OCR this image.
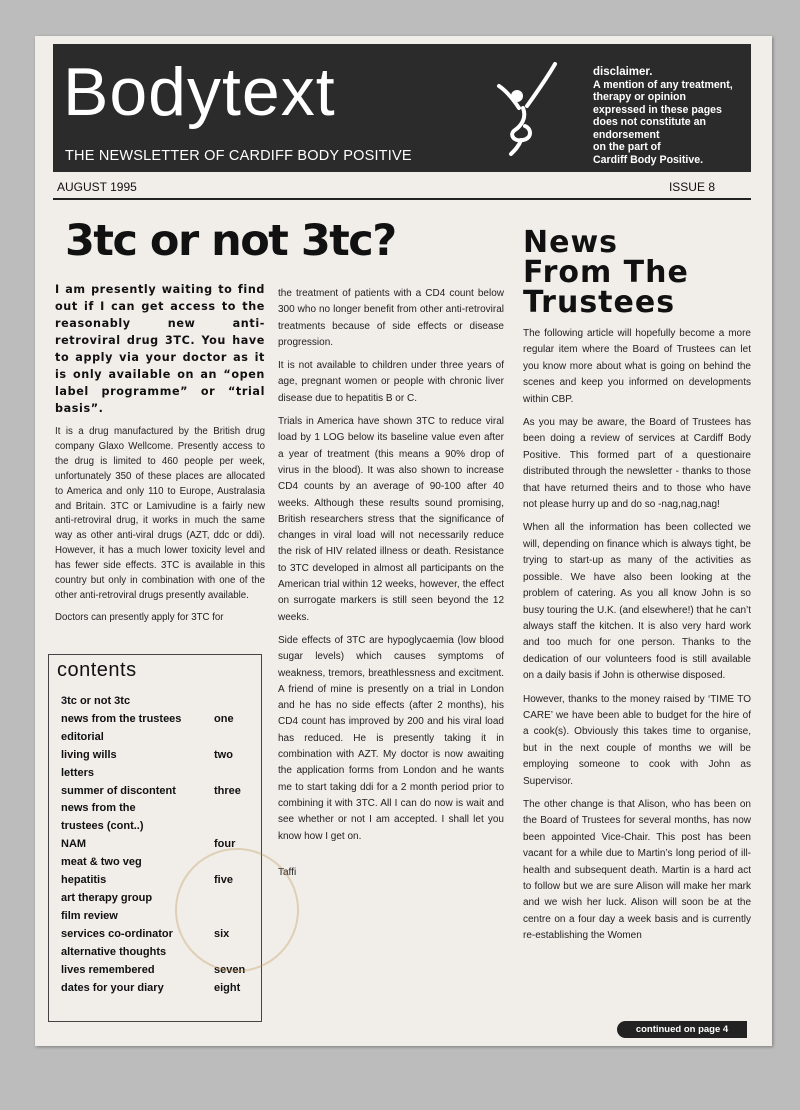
Bodytext
THE NEWSLETTER OF CARDIFF BODY POSITIVE
disclaimer.
A mention of any treatment,
therapy or opinion
expressed in these pages
does not constitute an
endorsement
on the part of
Cardiff Body Positive.
AUGUST 1995	ISSUE 8
3tc or not 3tc?

I am presently waiting to find out if I can get access to the reasonably new anti-retroviral drug 3TC. You have to apply via your doctor as it is only available on an “open label programme” or “trial basis”.

It is a drug manufactured by the British drug company Glaxo Wellcome. Presently access to the drug is limited to 460 people per week, unfortunately 350 of these places are allocated to America and only 110 to Europe, Australasia and Britain. 3TC or Lamivudine is a fairly new anti-retroviral drug, it works in much the same way as other anti-viral drugs (AZT, ddc or ddi). However, it has a much lower toxicity level and has fewer side effects. 3TC is available in this country but only in combination with one of the other anti-retroviral drugs presently available.

Doctors can presently apply for 3TC for

the treatment of patients with a CD4 count below 300 who no longer benefit from other anti-retroviral treatments because of side effects or disease progression.

It is not available to children under three years of age, pregnant women or people with chronic liver disease due to hepatitis B or C.

Trials in America have shown 3TC to reduce viral load by 1 LOG below its baseline value even after a year of treatment (this means a 90% drop of virus in the blood). It was also shown to increase CD4 counts by an average of 90-100 after 40 weeks. Although these results sound promising, British researchers stress that the significance of changes in viral load will not necessarily reduce the risk of HIV related illness or death. Resistance to 3TC developed in almost all participants on the American trial within 12 weeks, however, the effect on surrogate markers is still seen beyond the 12 weeks.

Side effects of 3TC are hypoglycaemia (low blood sugar levels) which causes symptoms of weakness, tremors, breathlessness and excitment. A friend of mine is presently on a trial in London and he has no side effects (after 2 months), his CD4 count has improved by 200 and his viral load has reduced. He is presently taking it in combination with AZT. My doctor is now awaiting the application forms from London and he wants me to start taking ddi for a 2 month period prior to combining it with 3TC. All I can do now is wait and see whether or not I am accepted. I shall let you know how I get on.

Taffi
News
From The
Trustees

The following article will hopefully become a more regular item where the Board of Trustees can let you know more about what is going on behind the scenes and keep you informed on developments within CBP.

As you may be aware, the Board of Trustees has been doing a review of services at Cardiff Body Positive. This formed part of a questionaire distributed through the newsletter - thanks to those that have returned theirs and to those who have not please hurry up and do so -nag,nag,nag!

When all the information has been collected we will, depending on finance which is always tight, be trying to start-up as many of the activities as possible. We have also been looking at the problem of catering. As you all know John is so busy touring the U.K. (and elsewhere!) that he can’t always staff the kitchen. It is also very hard work and too much for one person. Thanks to the dedication of our volunteers food is still available on a daily basis if John is otherwise disposed.

However, thanks to the money raised by ‘TIME TO CARE’ we have been able to budget for the hire of a cook(s). Obviously this takes time to organise, but in the next couple of months we will be employing someone to cook with John as Supervisor.

The other change is that Alison, who has been on the Board of Trustees for several months, has now been appointed Vice-Chair. This post has been vacant for a while due to Martin’s long period of ill-health and subsequent death. Martin is a hard act to follow but we are sure Alison will make her mark and we wish her luck. Alison will soon be at the centre on a four day a week basis and is currently re-establishing the Women

contents
3tc or not 3tc
news from the trustees	one
editorial
living wills	two
letters
summer of discontent	three
news from the
trustees (cont..)
NAM	four
meat & two veg
hepatitis	five
art therapy group
film review
services co-ordinator	six
alternative thoughts
lives remembered	seven
dates for your diary	eight
continued on page 4
